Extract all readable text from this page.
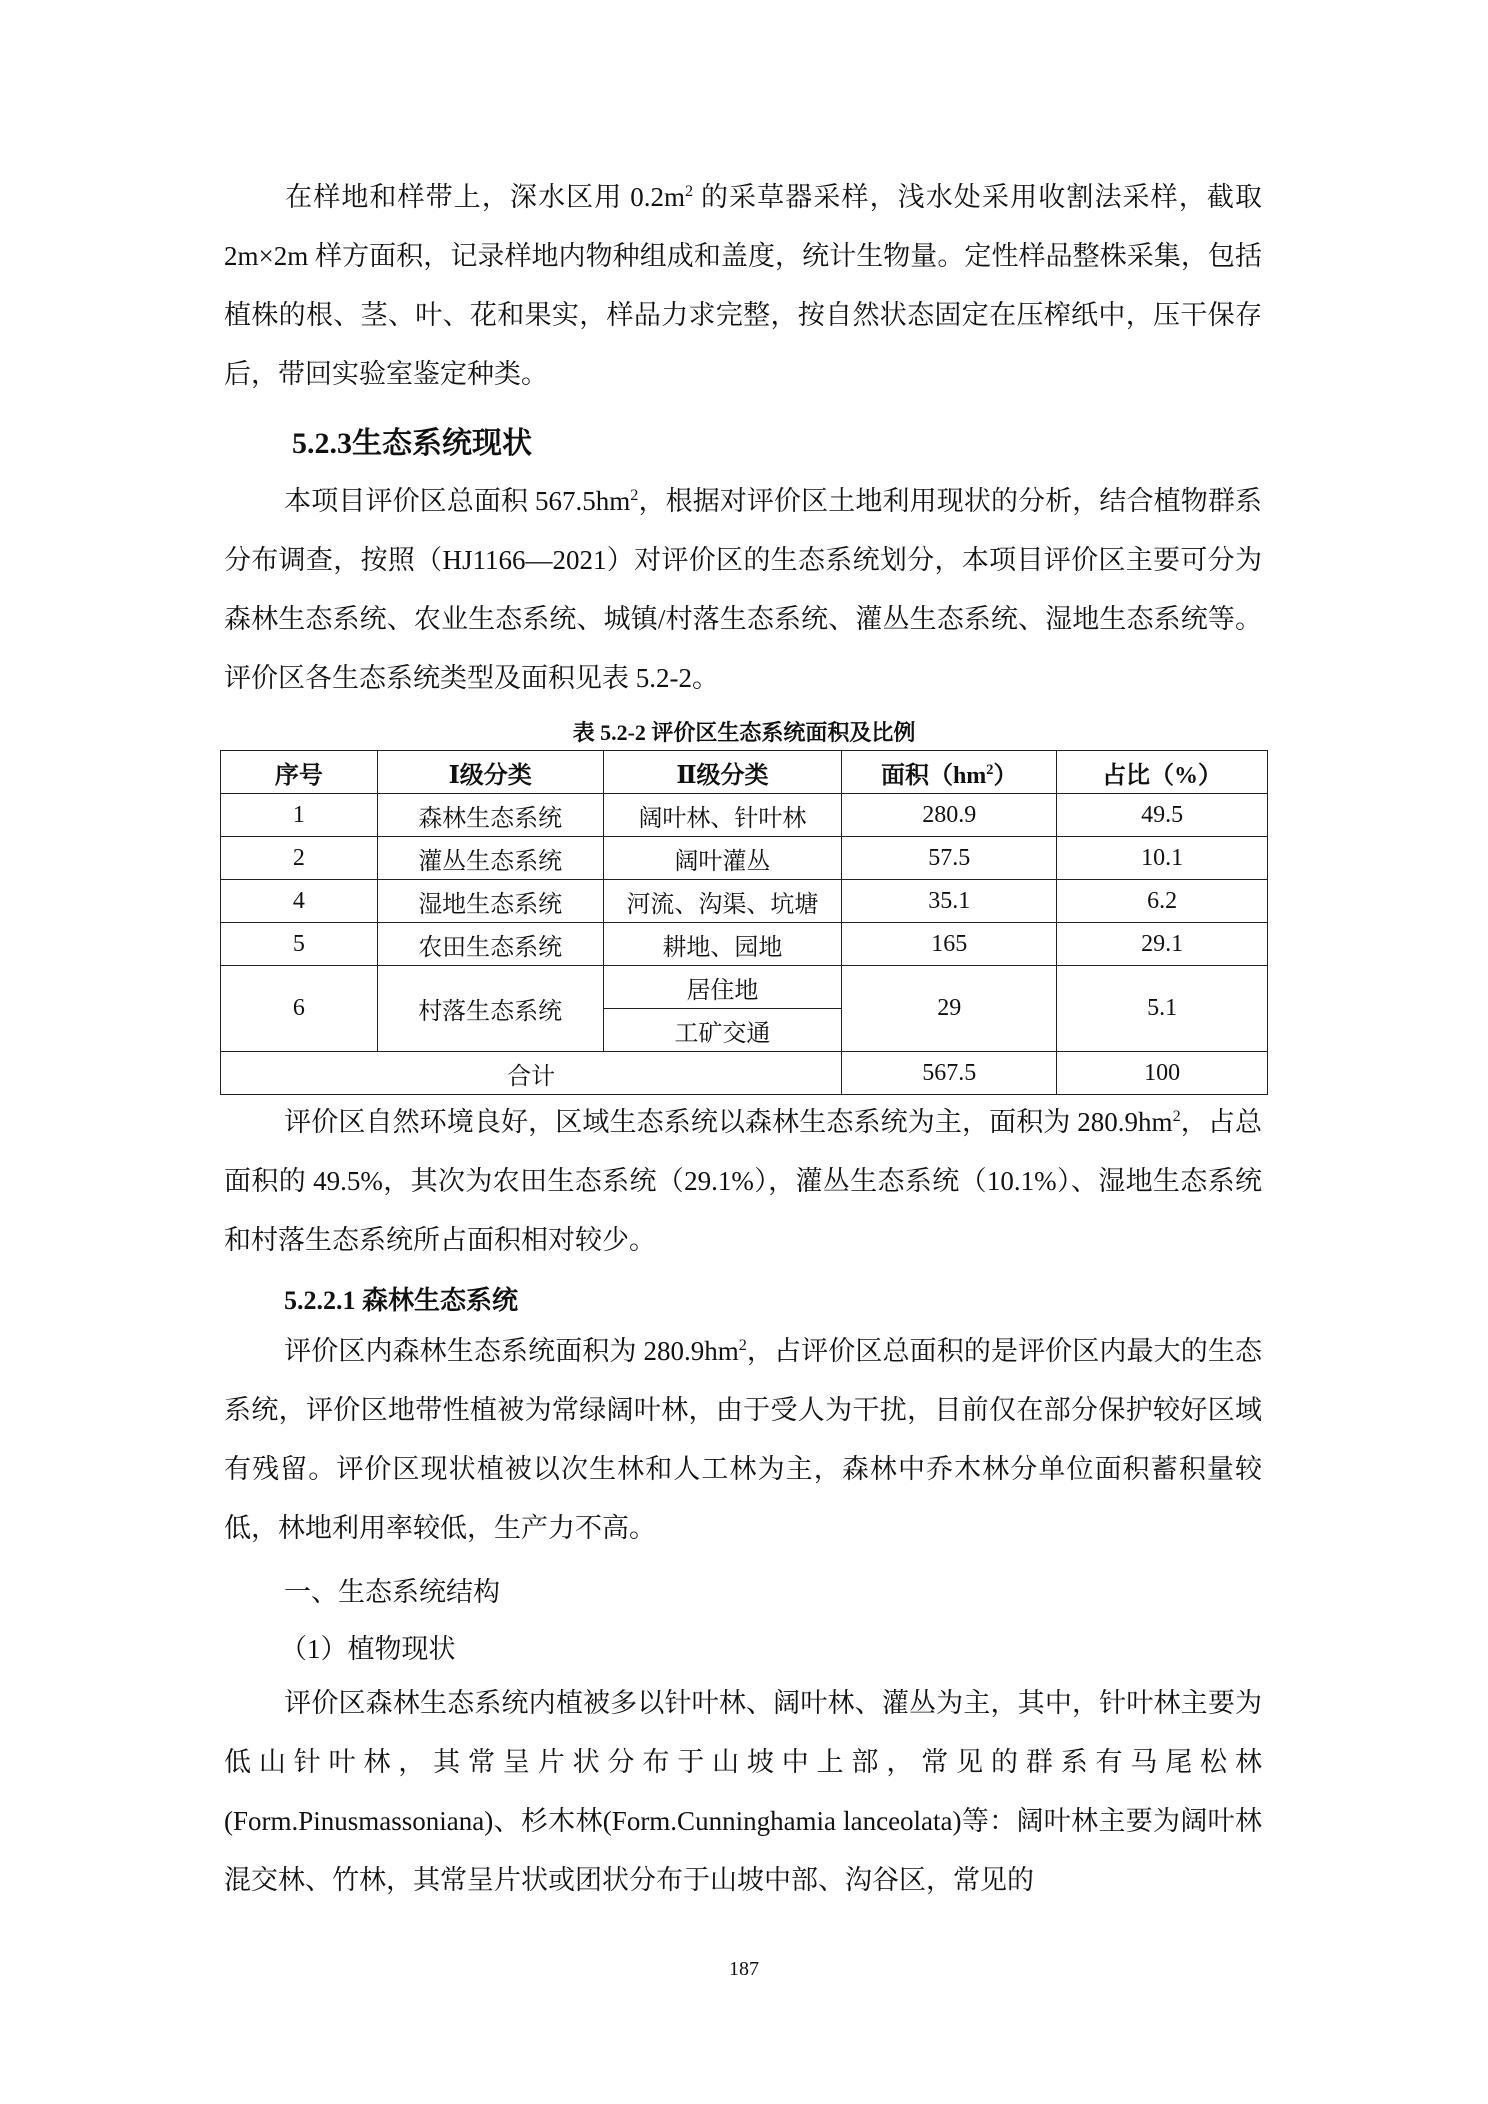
在样地和样带上，深水区用 $0.2m^2$ 的采草器采样，浅水处采用收割法采样，截取 2m×2m 样方面积，记录样地内物种组成和盖度，统计生物量。定性样品整株采集，包括植株的根、茎、叶、花和果实，样品力求完整，按自然状态固定在压榨纸中，压干保存后，带回实验室鉴定种类。
5.2.3生态系统现状
本项目评价区总面积 $567.5hm^2$，根据对评价区土地利用现状的分析，结合植物群系分布调查，按照（HJ1166—2021）对评价区的生态系统划分，本项目评价区主要可分为森林生态系统、农业生态系统、城镇/村落生态系统、灌丛生态系统、湿地生态系统等。评价区各生态系统类型及面积见表 5.2-2。
表 5.2-2 评价区生态系统面积及比例
序号	Ⅰ级分类	Ⅱ级分类	面积$(hm^2)$	占比（%）
1	森林生态系统	阔叶林、针叶林	280.9	49.5
2	灌丛生态系统	阔叶灌丛	57.5	10.1
4	湿地生态系统	河流、沟渠、坑塘	35.1	6.2
5	农田生态系统	耕地、园地	165	29.1
6	村落生态系统	居住地	29	5.1
		工矿交通		
合计			567.5	100
评价区自然环境良好，区域生态系统以森林生态系统为主，面积为 $280.9hm^2$，占总面积的 49.5%，其次为农田生态系统（29.1%），灌丛生态系统（10.1%）、湿地生态系统和村落生态系统所占面积相对较少。
5.2.2.1 森林生态系统
评价区内森林生态系统面积为 $280.9hm^2$，占评价区总面积的是评价区内最大的生态系统，评价区地带性植被为常绿阔叶林，由于受人为干扰，目前仅在部分保护较好区域有残留。评价区现状植被以次生林和人工林为主，森林中乔木林分单位面积蓄积量较低，林地利用率较低，生产力不高。
一、生态系统结构
（1）植物现状
评价区森林生态系统内植被多以针叶林、阔叶林、灌丛为主，其中，针叶林主要为低山针叶林，其常呈片状分布于山坡中上部，常见的群系有马尾松林(Form.Pinusmassoniana)、杉木林(Form.Cunninghamia lanceolata)等：阔叶林主要为阔叶林混交林、竹林，其常呈片状或团状分布于山坡中部、沟谷区，常见的
187
